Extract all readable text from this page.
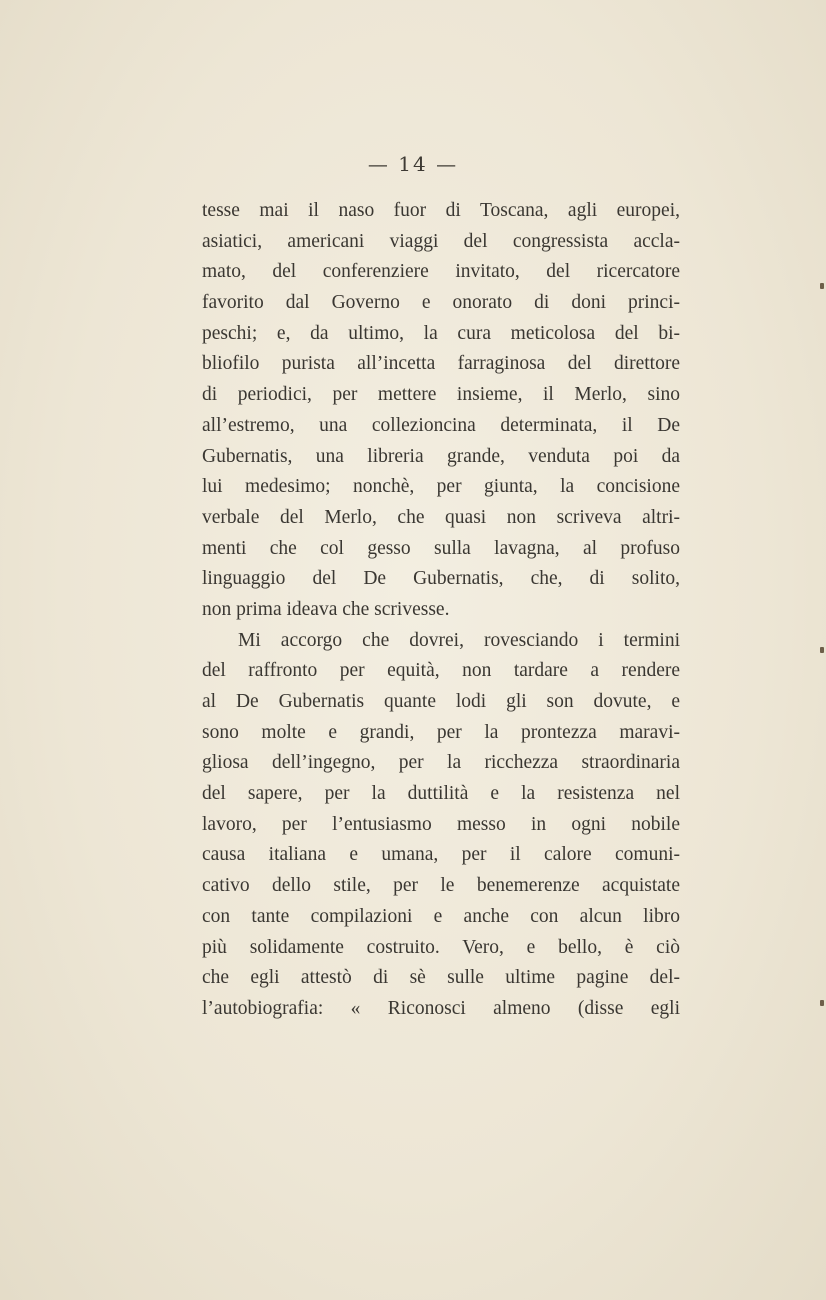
— 14 —
tesse mai il naso fuor di Toscana, agli europei,
asiatici, americani viaggi del congressista accla-
mato, del conferenziere invitato, del ricercatore
favorito dal Governo e onorato di doni princi-
peschi; e, da ultimo, la cura meticolosa del bi-
bliofilo purista all’incetta farraginosa del direttore
di periodici, per mettere insieme, il Merlo, sino
all’estremo, una collezioncina determinata, il De
Gubernatis, una libreria grande, venduta poi da
lui medesimo; nonchè, per giunta, la concisione
verbale del Merlo, che quasi non scriveva altri-
menti che col gesso sulla lavagna, al profuso
linguaggio del De Gubernatis, che, di solito,
non prima ideava che scrivesse.
Mi accorgo che dovrei, rovesciando i termini
del raffronto per equità, non tardare a rendere
al De Gubernatis quante lodi gli son dovute, e
sono molte e grandi, per la prontezza maravi-
gliosa dell’ingegno, per la ricchezza straordinaria
del sapere, per la duttilità e la resistenza nel
lavoro, per l’entusiasmo messo in ogni nobile
causa italiana e umana, per il calore comuni-
cativo dello stile, per le benemerenze acquistate
con tante compilazioni e anche con alcun libro
più solidamente costruito. Vero, e bello, è ciò
che egli attestò di sè sulle ultime pagine del-
l’autobiografia: « Riconosci almeno (disse egli
